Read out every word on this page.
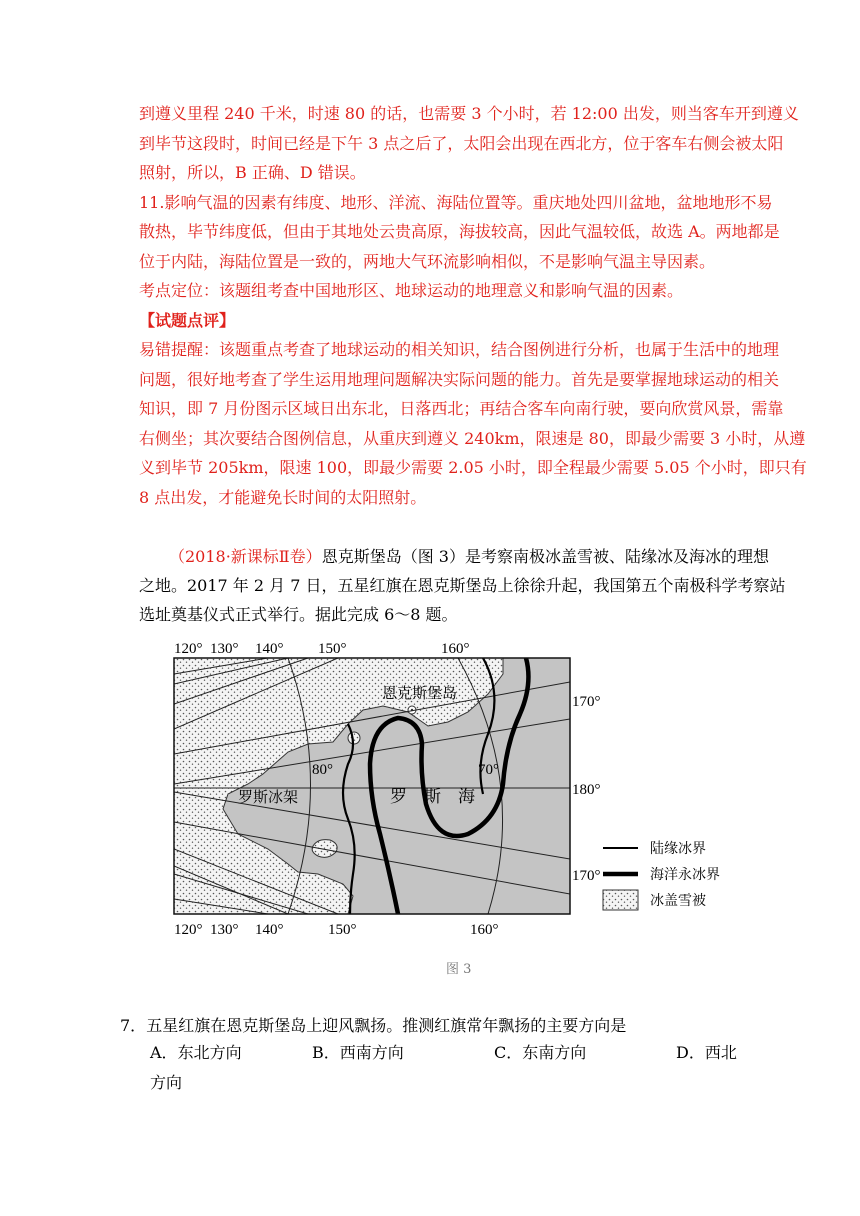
到遵义里程 240 千米，时速 80 的话，也需要 3 个小时，若 12:00 出发，则当客车开到遵义
到毕节这段时，时间已经是下午 3 点之后了，太阳会出现在西北方，位于客车右侧会被太阳
照射，所以，B 正确、D 错误。
11.影响气温的因素有纬度、地形、洋流、海陆位置等。重庆地处四川盆地，盆地地形不易
散热，毕节纬度低，但由于其地处云贵高原，海拔较高，因此气温较低，故选 A。两地都是
位于内陆，海陆位置是一致的，两地大气环流影响相似，不是影响气温主导因素。
考点定位：该题组考查中国地形区、地球运动的地理意义和影响气温的因素。
【试题点评】
易错提醒：该题重点考查了地球运动的相关知识，结合图例进行分析，也属于生活中的地理
问题，很好地考查了学生运用地理问题解决实际问题的能力。首先是要掌握地球运动的相关
知识，即 7 月份图示区域日出东北，日落西北；再结合客车向南行驶，要向欣赏风景，需靠
右侧坐；其次要结合图例信息，从重庆到遵义 240km，限速是 80，即最少需要 3 小时，从遵
义到毕节 205km，限速 100，即最少需要 2.05 小时，即全程最少需要 5.05 个小时，即只有
8 点出发，才能避免长时间的太阳照射。
（2018·新课标Ⅱ卷）恩克斯堡岛（图 3）是考察南极冰盖雪被、陆缘冰及海冰的理想
之地。2017 年 2 月 7 日，五星红旗在恩克斯堡岛上徐徐升起，我国第五个南极科学考察站
选址奠基仪式正式举行。据此完成 6～8 题。
120° 130° 140° 150°	160°
120° 130° 140°	150°	160°
170°
180°
170°
80°	70°
恩克斯堡岛
罗斯冰架	罗　斯　海
陆缘冰界
海洋永冰界
冰盖雪被
图 3
7．五星红旗在恩克斯堡岛上迎风飘扬。推测红旗常年飘扬的主要方向是
A．东北方向	B．西南方向	C．东南方向	D．西北
方向
